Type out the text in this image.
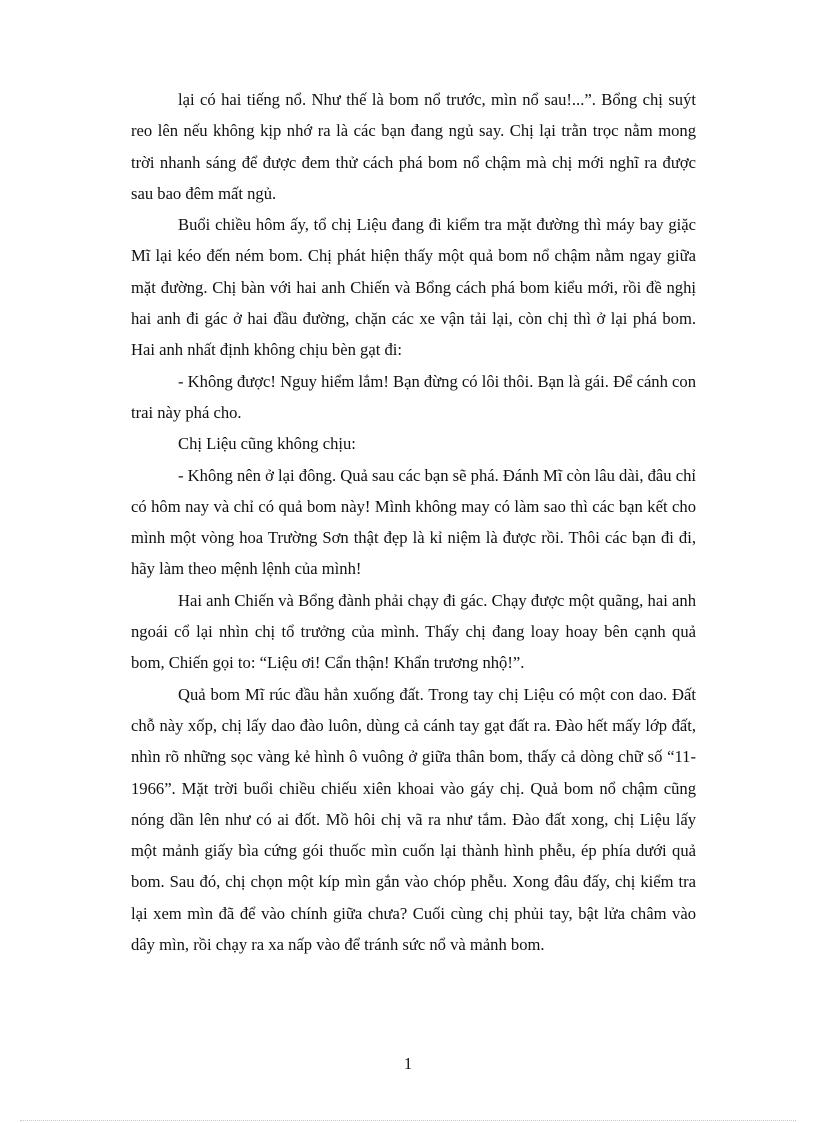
lại có hai tiếng nổ. Như thế là bom nổ trước, mìn nổ sau!...”. Bổng chị suýt reo lên nếu không kịp nhớ ra là các bạn đang ngủ say. Chị lại trằn trọc nằm mong trời nhanh sáng để được đem thử cách phá bom nổ chậm mà chị mới nghĩ ra được sau bao đêm mất ngủ.

Buổi chiều hôm ấy, tổ chị Liệu đang đi kiểm tra mặt đường thì máy bay giặc Mĩ lại kéo đến ném bom. Chị phát hiện thấy một quả bom nổ chậm nằm ngay giữa mặt đường. Chị bàn với hai anh Chiến và Bổng cách phá bom kiểu mới, rồi đề nghị hai anh đi gác ở hai đầu đường, chặn các xe vận tải lại, còn chị thì ở lại phá bom. Hai anh nhất định không chịu bèn gạt đi:

- Không được! Nguy hiểm lắm! Bạn đừng có lôi thôi. Bạn là gái. Để cánh con trai này phá cho.

Chị Liệu cũng không chịu:

- Không nên ở lại đông. Quả sau các bạn sẽ phá. Đánh Mĩ còn lâu dài, đâu chỉ có hôm nay và chỉ có quả bom này! Mình không may có làm sao thì các bạn kết cho mình một vòng hoa Trường Sơn thật đẹp là kỉ niệm là được rồi. Thôi các bạn đi đi, hãy làm theo mệnh lệnh của mình!

Hai anh Chiến và Bổng đành phải chạy đi gác. Chạy được một quãng, hai anh ngoái cổ lại nhìn chị tổ trưởng của mình. Thấy chị đang loay hoay bên cạnh quả bom, Chiến gọi to: “Liệu ơi! Cẩn thận! Khẩn trương nhộ!”.

Quả bom Mĩ rúc đầu hẳn xuống đất. Trong tay chị Liệu có một con dao. Đất chỗ này xốp, chị lấy dao đào luôn, dùng cả cánh tay gạt đất ra. Đào hết mấy lớp đất, nhìn rõ những sọc vàng kẻ hình ô vuông ở giữa thân bom, thấy cả dòng chữ số “11-1966”. Mặt trời buổi chiều chiếu xiên khoai vào gáy chị. Quả bom nổ chậm cũng nóng dần lên như có ai đốt. Mồ hôi chị vã ra như tắm. Đào đất xong, chị Liệu lấy một mảnh giấy bìa cứng gói thuốc mìn cuốn lại thành hình phễu, ép phía dưới quả bom. Sau đó, chị chọn một kíp mìn gắn vào chóp phễu. Xong đâu đấy, chị kiểm tra lại xem mìn đã để vào chính giữa chưa? Cuối cùng chị phủi tay, bật lửa châm vào dây mìn, rồi chạy ra xa nấp vào để tránh sức nổ và mảnh bom.

1
